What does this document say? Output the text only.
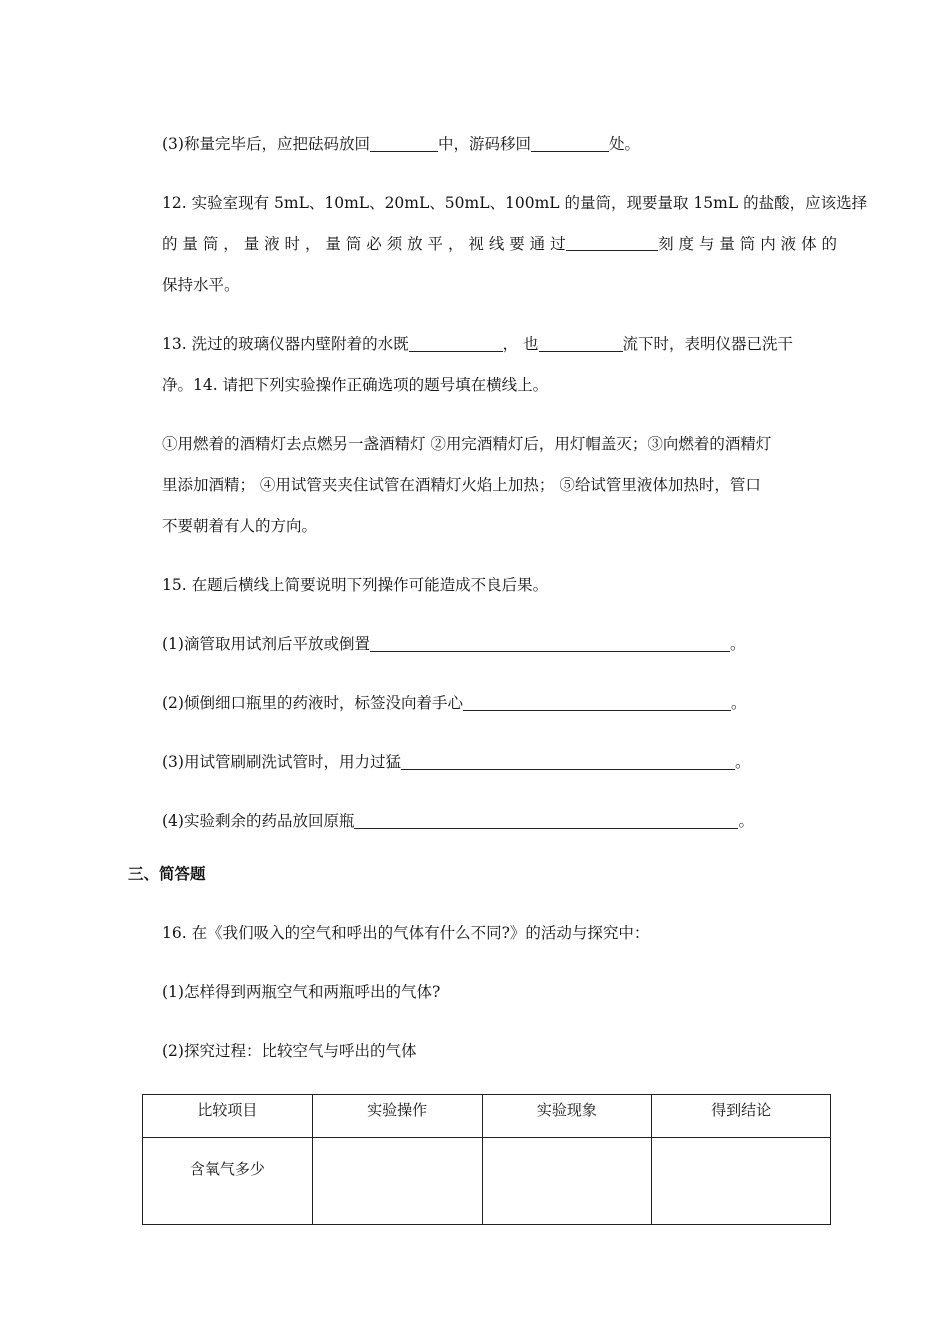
(3)称量完毕后，应把砝码放回	中，游码移回	处。
12. 实验室现有 5mL、10mL、20mL、50mL、100mL 的量筒，现要量取 15mL 的盐酸，应该选择
的 量 筒 ， 量 液 时 ， 量 筒 必 须 放 平 ， 视 线 要 通 过	刻 度 与 量 筒 内 液 体 的
保持水平。
13. 洗过的玻璃仪器内壁附着的水既	， 也	流下时，表明仪器已洗干
净。14. 请把下列实验操作正确选项的题号填在横线上。
①用燃着的酒精灯去点燃另一盏酒精灯 ②用完酒精灯后，用灯帽盖灭；③向燃着的酒精灯
里添加酒精； ④用试管夹夹住试管在酒精灯火焰上加热； ⑤给试管里液体加热时，管口
不要朝着有人的方向。
15. 在题后横线上简要说明下列操作可能造成不良后果。
(1)滴管取用试剂后平放或倒置	。
(2)倾倒细口瓶里的药液时，标签没向着手心	。
(3)用试管刷刷洗试管时，用力过猛	。
(4)实验剩余的药品放回原瓶	。
三、简答题
16. 在《我们吸入的空气和呼出的气体有什么不同?》的活动与探究中：
(1)怎样得到两瓶空气和两瓶呼出的气体?
(2)探究过程：比较空气与呼出的气体
比较项目	实验操作	实验现象	得到结论
含氧气多少			
